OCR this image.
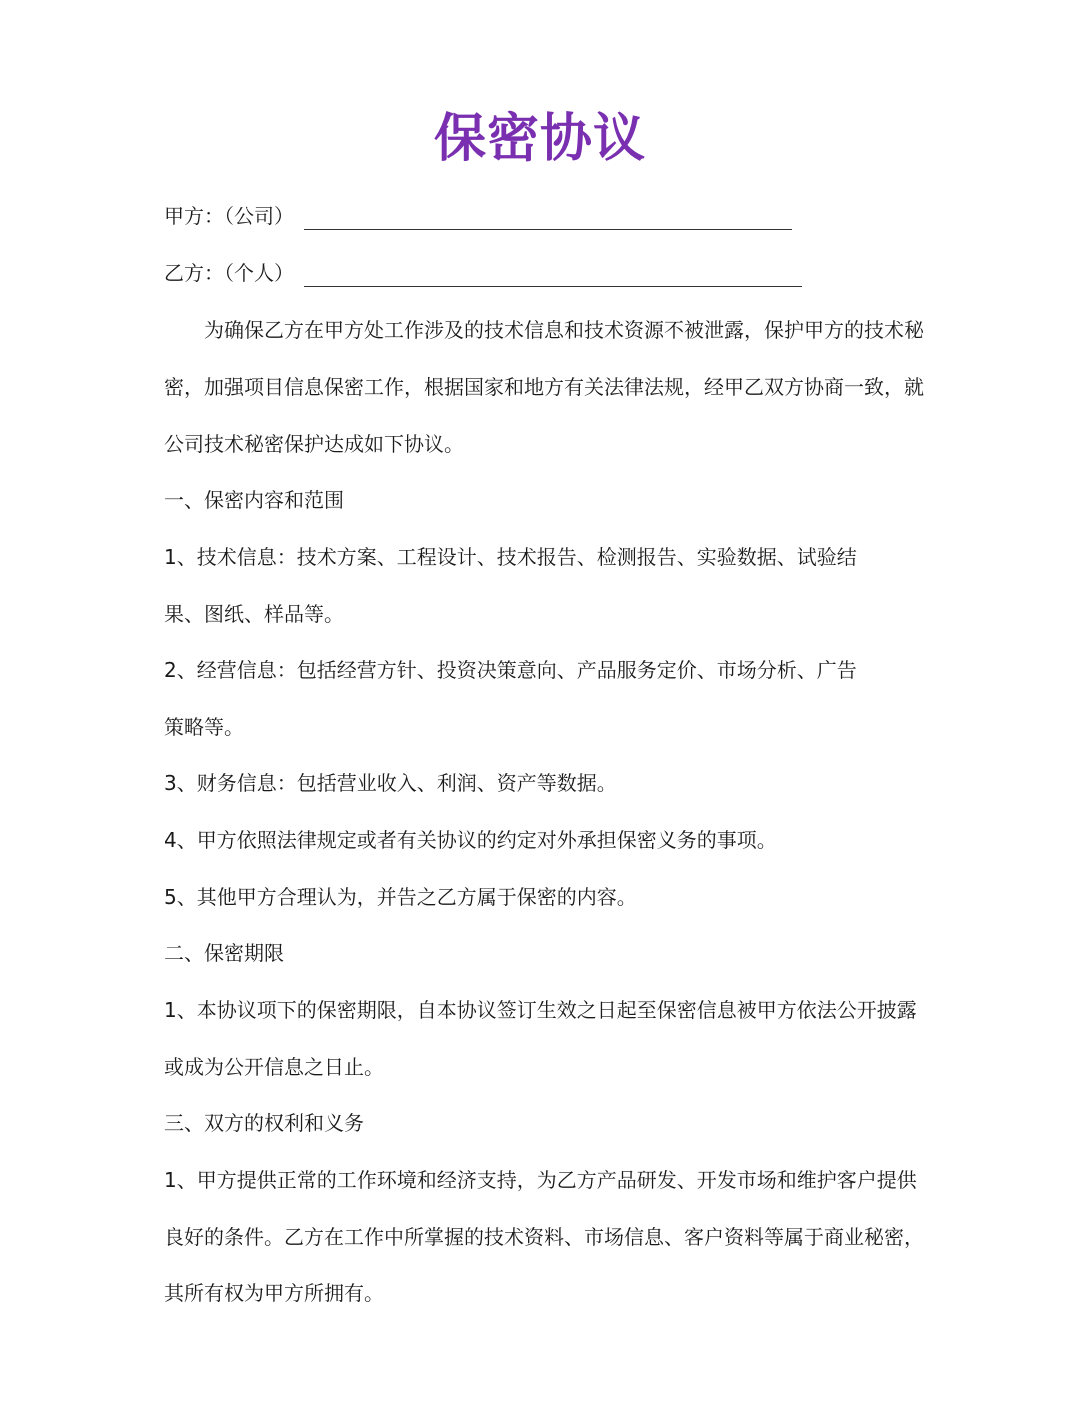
保密协议
甲方：（公司）
乙方：（个人）
为确保乙方在甲方处工作涉及的技术信息和技术资源不被泄露，保护甲方的技术秘
密，加强项目信息保密工作，根据国家和地方有关法律法规，经甲乙双方协商一致，就
公司技术秘密保护达成如下协议。
一、保密内容和范围
1、技术信息：技术方案、工程设计、技术报告、检测报告、实验数据、试验结
果、图纸、样品等。
2、经营信息：包括经营方针、投资决策意向、产品服务定价、市场分析、广告
策略等。
3、财务信息：包括营业收入、利润、资产等数据。
4、甲方依照法律规定或者有关协议的约定对外承担保密义务的事项。
5、其他甲方合理认为，并告之乙方属于保密的内容。
二、保密期限
1、本协议项下的保密期限，自本协议签订生效之日起至保密信息被甲方依法公开披露
或成为公开信息之日止。
三、双方的权利和义务
1、甲方提供正常的工作环境和经济支持，为乙方产品研发、开发市场和维护客户提供
良好的条件。乙方在工作中所掌握的技术资料、市场信息、客户资料等属于商业秘密，
其所有权为甲方所拥有。
